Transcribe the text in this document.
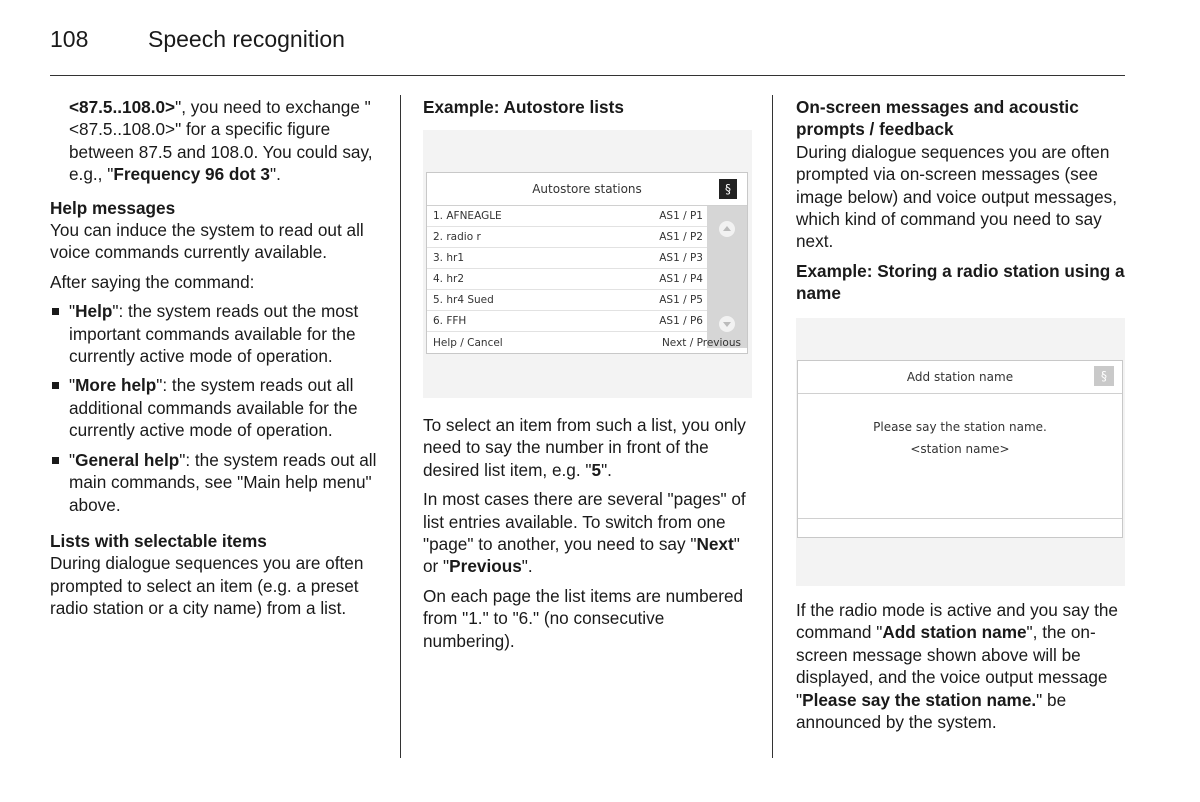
108	Speech recognition

<87.5..108.0>", you need to exchange "<87.5..108.0>" for a specific figure between 87.5 and 108.0. You could say,
e.g., "Frequency 96 dot 3".

Help messages

You can induce the system to read out all voice commands currently available.

After saying the command:

"Help": the system reads out the most important commands available for the currently active mode of operation.
"More help": the system reads out all additional commands available for the currently active mode of operation.
"General help": the system reads out all main commands, see "Main help menu" above.
Lists with selectable items

During dialogue sequences you are often prompted to select an item (e.g. a preset radio station or a city name) from a list.

Example: Autostore lists
Autostore stations	§
1. AFNEAGLE	AS1 / P1
2. radio r	AS1 / P2
3. hr1	AS1 / P3
4. hr2	AS1 / P4
5. hr4 Sued	AS1 / P5
6. FFH	AS1 / P6
Help / Cancel	Next / Previous

To select an item from such a list, you only need to say the number in front of the desired list item, e.g. "5".

In most cases there are several "pages" of list entries available. To switch from one "page" to another, you need to say "Next" or "Previous".

On each page the list items are numbered from "1." to "6." (no consecutive numbering).

On-screen messages and acoustic prompts / feedback

During dialogue sequences you are often prompted via on-screen messages (see image below) and voice output messages, which kind of command you need to say next.

Example: Storing a radio station using a name
Add station name	§
Please say the station name.
<station name>

If the radio mode is active and you say the command "Add station name", the on-screen message shown above will be displayed, and the voice output message "Please say the station name." be announced by the system.
